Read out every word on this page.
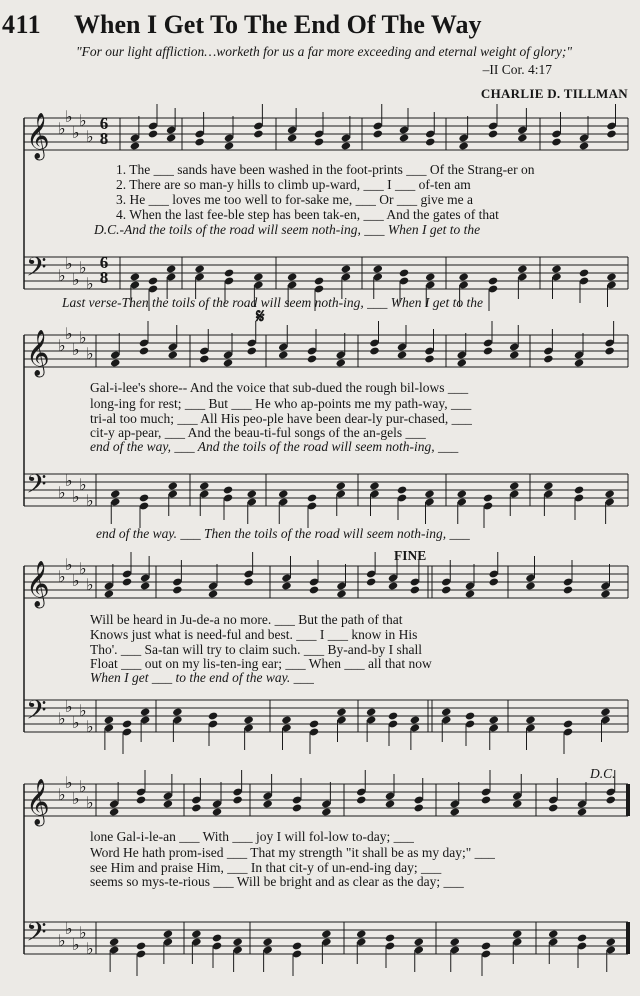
411 When I Get To The End Of The Way
"For our light affliction…worketh for us a far more exceeding and eternal weight of glory;"
–II Cor. 4:17
CHARLIE D. TILLMAN
𝄞 ♭
♭
♭
♭
♭
𝄢 ♭
♭
♭
♭
♭
𝄞 ♭
♭
♭
♭
♭
𝄢 ♭
♭
♭
♭
♭
𝄞 ♭
♭
♭
♭
♭
𝄢 ♭
♭
♭
♭
♭
𝄞 ♭
♭
♭
♭
♭
𝄢 ♭
♭
♭
♭
♭
6
8
6
8
1. The ___ sands have been washed in the foot-prints ___ Of the Strang-er on
2. There are so man-y hills to climb up-ward, ___ I ___ of-ten am
3. He ___ loves me too well to for-sake me, ___ Or ___ give me a
4. When the last fee-ble step has been tak-en, ___ And the gates of that
D.C.-And the toils of the road will seem noth-ing, ___ When I get to the
Last verse-Then the toils of the road will seem noth-ing, ___ When I get to the
𝄋
Gal-i-lee's shore-- And the voice that sub-dued the rough bil-lows ___
long-ing for rest; ___ But ___ He who ap-points me my path-way, ___
tri-al too much; ___ All His peo-ple have been dear-ly pur-chased, ___
cit-y ap-pear, ___ And the beau-ti-ful songs of the an-gels ___
end of the way, ___ And the toils of the road will seem noth-ing, ___
end of the way. ___ Then the toils of the road will seem noth-ing, ___
FINE
Will be heard in Ju-de-a no more. ___ But the path of that
Knows just what is need-ful and best. ___ I ___ know in His
Tho'. ___ Sa-tan will try to claim such. ___ By-and-by I shall
Float ___ out on my lis-ten-ing ear; ___ When ___ all that now
When I get ___ to the end of the way. ___
D.C.
lone Gal-i-le-an ___ With ___ joy I will fol-low to-day; ___
Word He hath prom-ised ___ That my strength "it shall be as my day;" ___
see Him and praise Him, ___ In that cit-y of un-end-ing day; ___
seems so mys-te-rious ___ Will be bright and as clear as the day; ___
